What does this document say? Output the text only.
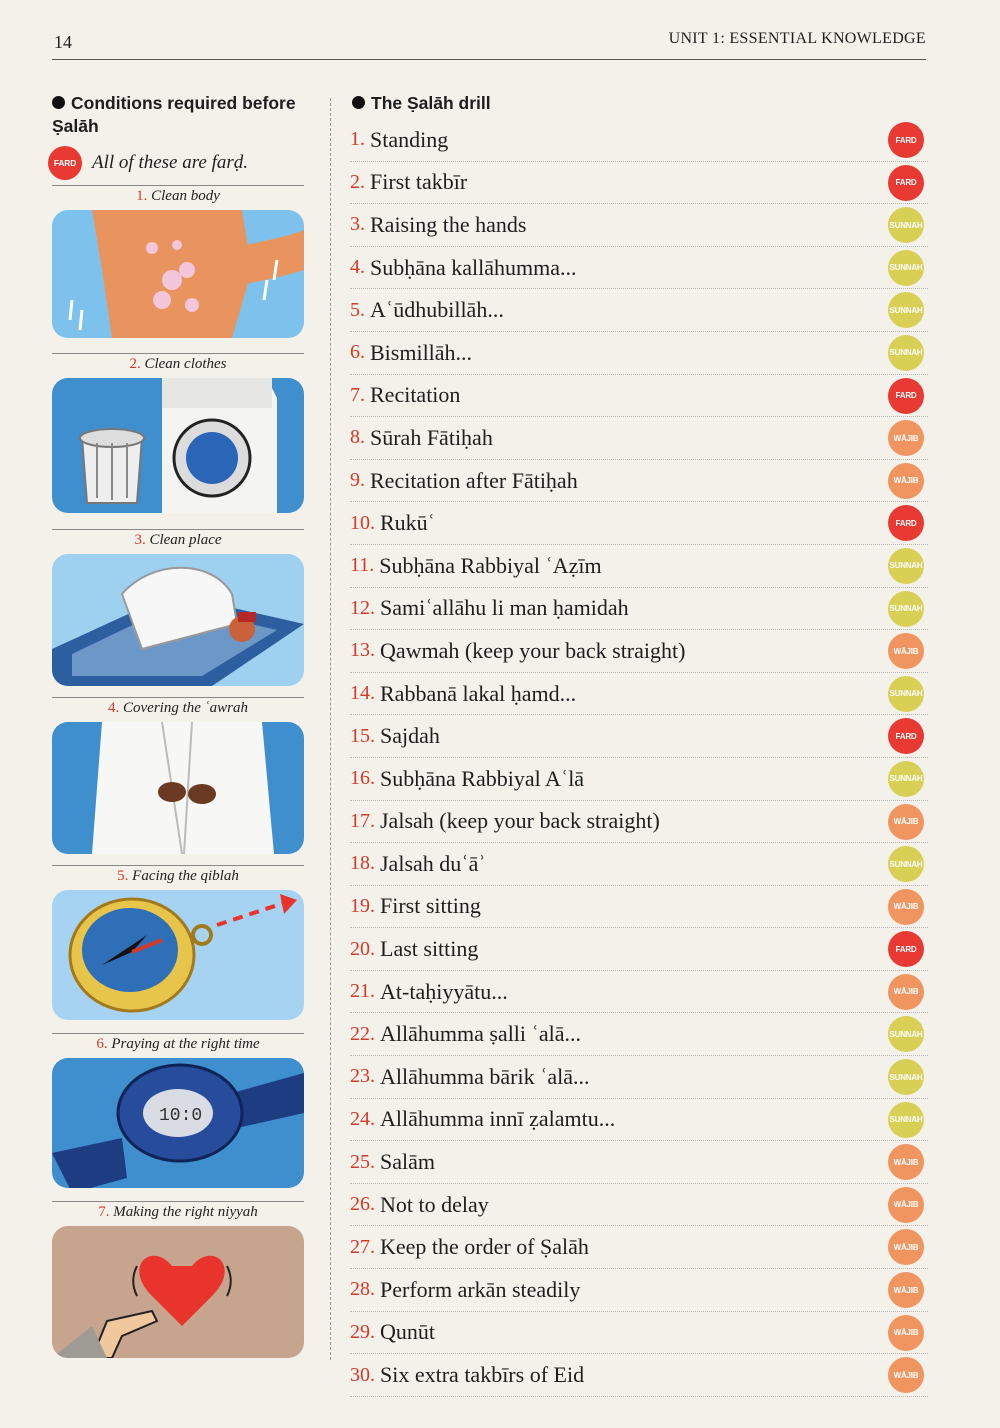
14	UNIT 1: ESSENTIAL KNOWLEDGE
Conditions required before Ṣalāh
FARD All of these are farḍ.
1. Clean body
2. Clean clothes
3. Clean place
4. Covering the ʿawrah
5. Facing the qiblah
6. Praying at the right time
10:0
7. Making the right niyyah
The Ṣalāh drill
1. Standing	FARD
2. First takbīr	FARD
3. Raising the hands	SUNNAH
4. Subḥāna kallāhumma...	SUNNAH
5. Aʿūdhubillāh...	SUNNAH
6. Bismillāh...	SUNNAH
7. Recitation	FARD
8. Sūrah Fātiḥah	WĀJIB
9. Recitation after Fātiḥah	WĀJIB
10. Rukūʿ	FARD
11. Subḥāna Rabbiyal ʿAẓīm	SUNNAH
12. Samiʿallāhu li man ḥamidah	SUNNAH
13. Qawmah (keep your back straight)	WĀJIB
14. Rabbanā lakal ḥamd...	SUNNAH
15. Sajdah	FARD
16. Subḥāna Rabbiyal Aʿlā	SUNNAH
17. Jalsah (keep your back straight)	WĀJIB
18. Jalsah duʿāʾ	SUNNAH
19. First sitting	WĀJIB
20. Last sitting	FARD
21. At-taḥiyyātu...	WĀJIB
22. Allāhumma ṣalli ʿalā...	SUNNAH
23. Allāhumma bārik ʿalā...	SUNNAH
24. Allāhumma innī ẓalamtu...	SUNNAH
25. Salām	WĀJIB
26. Not to delay	WĀJIB
27. Keep the order of Ṣalāh	WĀJIB
28. Perform arkān steadily	WĀJIB
29. Qunūt	WĀJIB
30. Six extra takbīrs of Eid	WĀJIB
